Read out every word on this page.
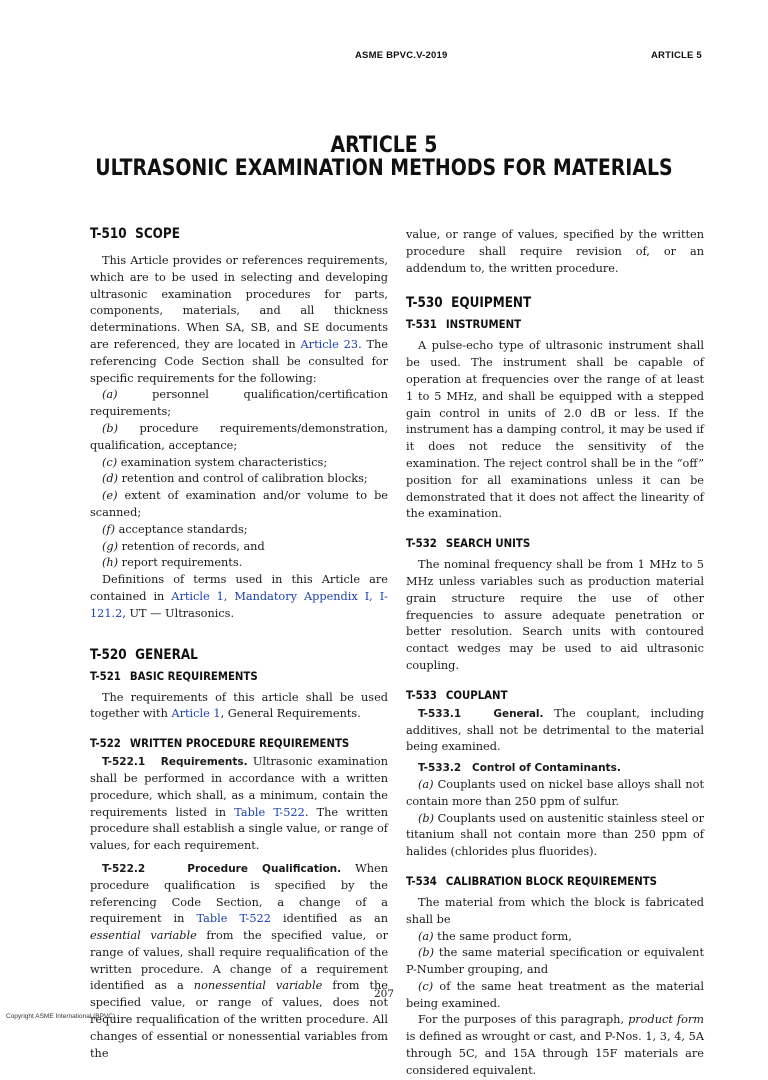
ASME BPVC.V-2019	ARTICLE 5
ARTICLE 5
ULTRASONIC EXAMINATION METHODS FOR MATERIALS
T-510 SCOPE

This Article provides or references requirements, which are to be used in selecting and developing ultrasonic examination procedures for parts, components, materials, and all thickness determinations. When SA, SB, and SE documents are referenced, they are located in Article 23. The referencing Code Section shall be consulted for specific requirements for the following:

(a) personnel qualification/certification requirements;

(b) procedure requirements/demonstration, qualification, acceptance;

(c) examination system characteristics;

(d) retention and control of calibration blocks;

(e) extent of examination and/or volume to be scanned;

(f) acceptance standards;

(g) retention of records, and

(h) report requirements.

Definitions of terms used in this Article are contained in Article 1, Mandatory Appendix I, I-121.2, UT — Ultrasonics.

T-520 GENERAL
T-521 BASIC REQUIREMENTS

The requirements of this article shall be used together with Article 1, General Requirements.

T-522 WRITTEN PROCEDURE REQUIREMENTS

T-522.1 Requirements. Ultrasonic examination shall be performed in accordance with a written procedure, which shall, as a minimum, contain the requirements listed in Table T-522. The written procedure shall establish a single value, or range of values, for each requirement.

T-522.2	Procedure Qualification. When procedure qualification is specified by the referencing Code Section, a change of a requirement in Table T-522 identified as an essential variable from the specified value, or range of values, shall require requalification of the written procedure. A change of a requirement identified as a nonessential variable from the specified value, or range of values, does not require requalification of the written procedure. All changes of essential or nonessential variables from the

value, or range of values, specified by the written procedure shall require revision of, or an addendum to, the written procedure.

T-530 EQUIPMENT
T-531 INSTRUMENT

A pulse-echo type of ultrasonic instrument shall be used. The instrument shall be capable of operation at frequencies over the range of at least 1 to 5 MHz, and shall be equipped with a stepped gain control in units of 2.0 dB or less. If the instrument has a damping control, it may be used if it does not reduce the sensitivity of the examination. The reject control shall be in the “off” position for all examinations unless it can be demonstrated that it does not affect the linearity of the examination.

T-532 SEARCH UNITS

The nominal frequency shall be from 1 MHz to 5 MHz unless variables such as production material grain structure require the use of other frequencies to assure adequate penetration or better resolution. Search units with contoured contact wedges may be used to aid ultrasonic coupling.

T-533 COUPLANT

T-533.1	General. The couplant, including additives, shall not be detrimental to the material being examined.

T-533.2 Control of Contaminants.

(a) Couplants used on nickel base alloys shall not contain more than 250 ppm of sulfur.

(b) Couplants used on austenitic stainless steel or titanium shall not contain more than 250 ppm of halides (chlorides plus fluorides).

T-534 CALIBRATION BLOCK REQUIREMENTS

The material from which the block is fabricated shall be

(a) the same product form,

(b) the same material specification or equivalent P-Number grouping, and

(c) of the same heat treatment as the material being examined.

For the purposes of this paragraph, product form is defined as wrought or cast, and P-Nos. 1, 3, 4, 5A through 5C, and 15A through 15F materials are considered equivalent.

207
Copyright ASME International (BPVC)
